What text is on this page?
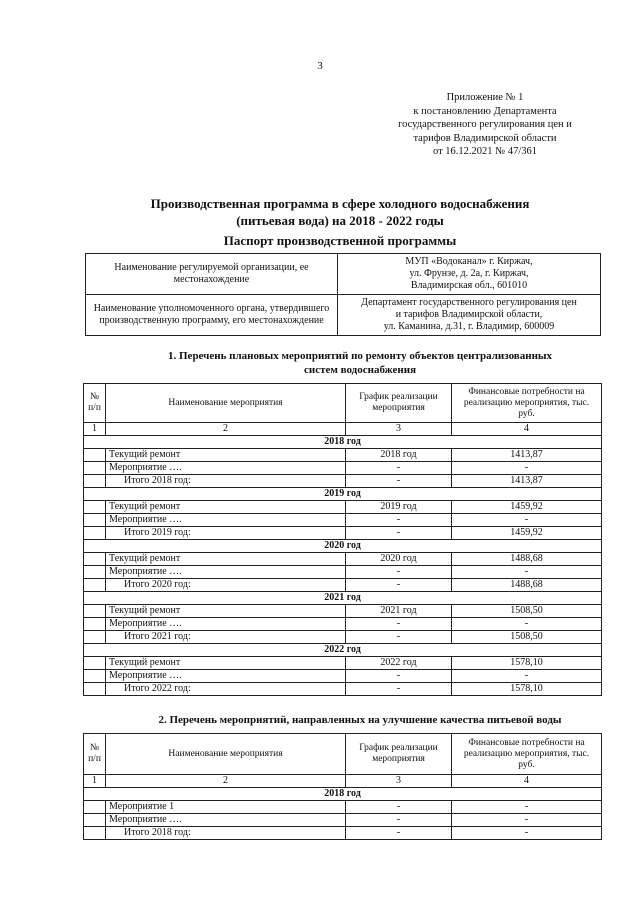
3
Приложение № 1
к постановлению Департамента
государственного регулирования цен и
тарифов Владимирской области
от 16.12.2021 № 47/361
Производственная программа в сфере холодного водоснабжения
(питьевая вода) на 2018 - 2022 годы
Паспорт производственной программы
Наименование регулируемой организации, ее местонахождение	МУП «Водоканал» г. Киржач,
ул. Фрунзе, д. 2а, г. Киржач,
Владимирская обл., 601010

Наименование уполномоченного органа, утвердившего производственную программу, его местонахождение	Департамент государственного регулирования цен
и тарифов Владимирской области,
ул. Каманина, д.31, г. Владимир, 600009
1. Перечень плановых мероприятий по ремонту объектов централизованных
систем водоснабжения
№ п/п	Наименование мероприятия	График реализации мероприятия	Финансовые потребности на реализацию мероприятия, тыс. руб.
1	2	3	4
2018 год			
	Текущий ремонт	2018 год	1413,87
	Мероприятие ….	-	-
	Итого 2018 год:	-	1413,87
2019 год			
	Текущий ремонт	2019 год	1459,92
	Мероприятие ….	-	-
	Итого 2019 год:	-	1459,92
2020 год			
	Текущий ремонт	2020 год	1488,68
	Мероприятие ….	-	-
	Итого 2020 год:	-	1488,68
2021 год			
	Текущий ремонт	2021 год	1508,50
	Мероприятие ….	-	-
	Итого 2021 год:	-	1508,50
2022 год			
	Текущий ремонт	2022 год	1578,10
	Мероприятие ….	-	-
	Итого 2022 год:	-	1578,10
2. Перечень мероприятий, направленных на улучшение качества питьевой воды
№ п/п	Наименование мероприятия	График реализации мероприятия	Финансовые потребности на реализацию мероприятия, тыс. руб.
1	2	3	4
2018 год			
	Мероприятие 1	-	-
	Мероприятие ….	-	-
	Итого 2018 год:	-	-
